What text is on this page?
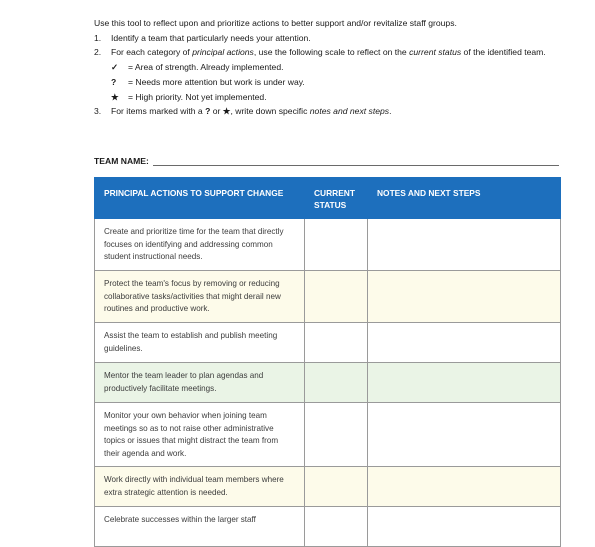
Use this tool to reflect upon and prioritize actions to better support and/or revitalize staff groups.

1. Identify a team that particularly needs your attention.

2. For each category of principal actions, use the following scale to reflect on the current status of the identified team.

✓	= Area of strength. Already implemented.

?	= Needs more attention but work is under way.

★	= High priority. Not yet implemented.

3. For items marked with a ? or ★, write down specific notes and next steps.

TEAM NAME:
PRINCIPAL ACTIONS TO SUPPORT CHANGE	CURRENT STATUS	NOTES AND NEXT STEPS
Create and prioritize time for the team that directly focuses on identifying and addressing common student instructional needs.		
Protect the team's focus by removing or reducing collaborative tasks/activities that might derail new routines and productive work.		
Assist the team to establish and publish meeting guidelines.		
Mentor the team leader to plan agendas and productively facilitate meetings.		
Monitor your own behavior when joining team meetings so as to not raise other administrative topics or issues that might distract the team from their agenda and work.		
Work directly with individual team members where extra strategic attention is needed.		
Celebrate successes within the larger staff		
